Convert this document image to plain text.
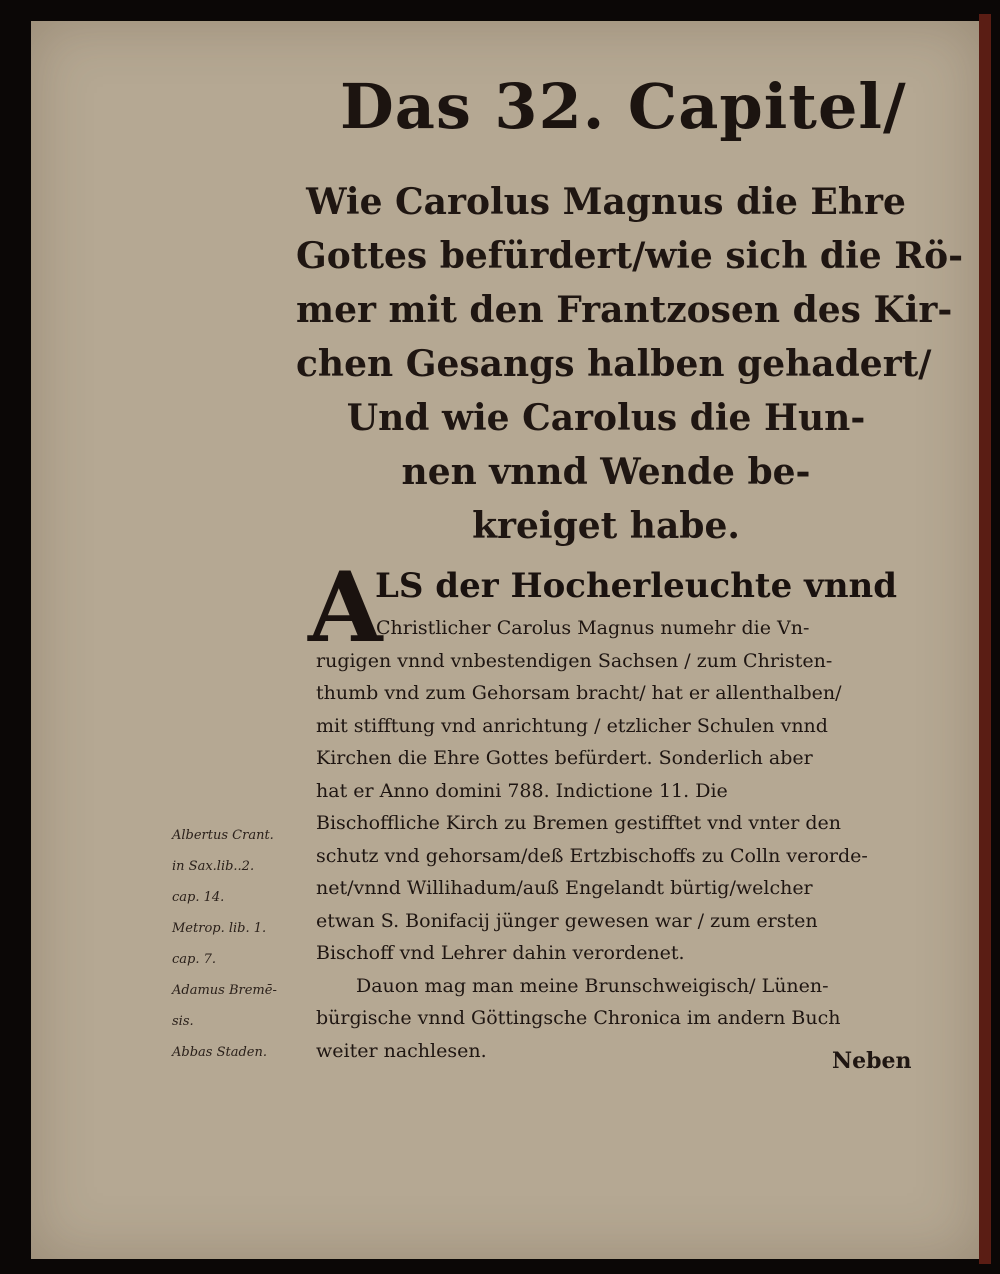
Das 32. Capitel/
Wie Carolus Magnus die Ehre
Gottes befürdert/wie sich die Rö-
mer mit den Frantzosen des Kir-
chen Gesangs halben gehadert/
Und wie Carolus die Hun-
nen vnnd Wende be-
kreiget habe.
A
LS der Hocherleuchte vnnd
Christlicher Carolus Magnus numehr die Vn-
rugigen vnnd vnbestendigen Sachsen / zum Christen-
thumb vnd zum Gehorsam bracht/ hat er allenthalben/
mit stifftung vnd anrichtung / etzlicher Schulen vnnd
Kirchen die Ehre Gottes befürdert. Sonderlich aber
hat er Anno domini 788. Indictione 11. Die
Bischoffliche Kirch zu Bremen gestifftet vnd vnter den
schutz vnd gehorsam/deß Ertzbischoffs zu Colln verorde-
net/vnnd Willihadum/auß Engelandt bürtig/welcher
etwan S. Bonifacij jünger gewesen war / zum ersten
Bischoff vnd Lehrer dahin verordenet.
Dauon mag man meine Brunschweigisch/ Lünen-
bürgische vnnd Göttingsche Chronica im andern Buch
weiter nachlesen.
Albertus Crant.
in Sax.lib..2.
cap. 14.
Metrop. lib. 1.
cap. 7.
Adamus Bremē-
sis.
Abbas Staden.	Neben
